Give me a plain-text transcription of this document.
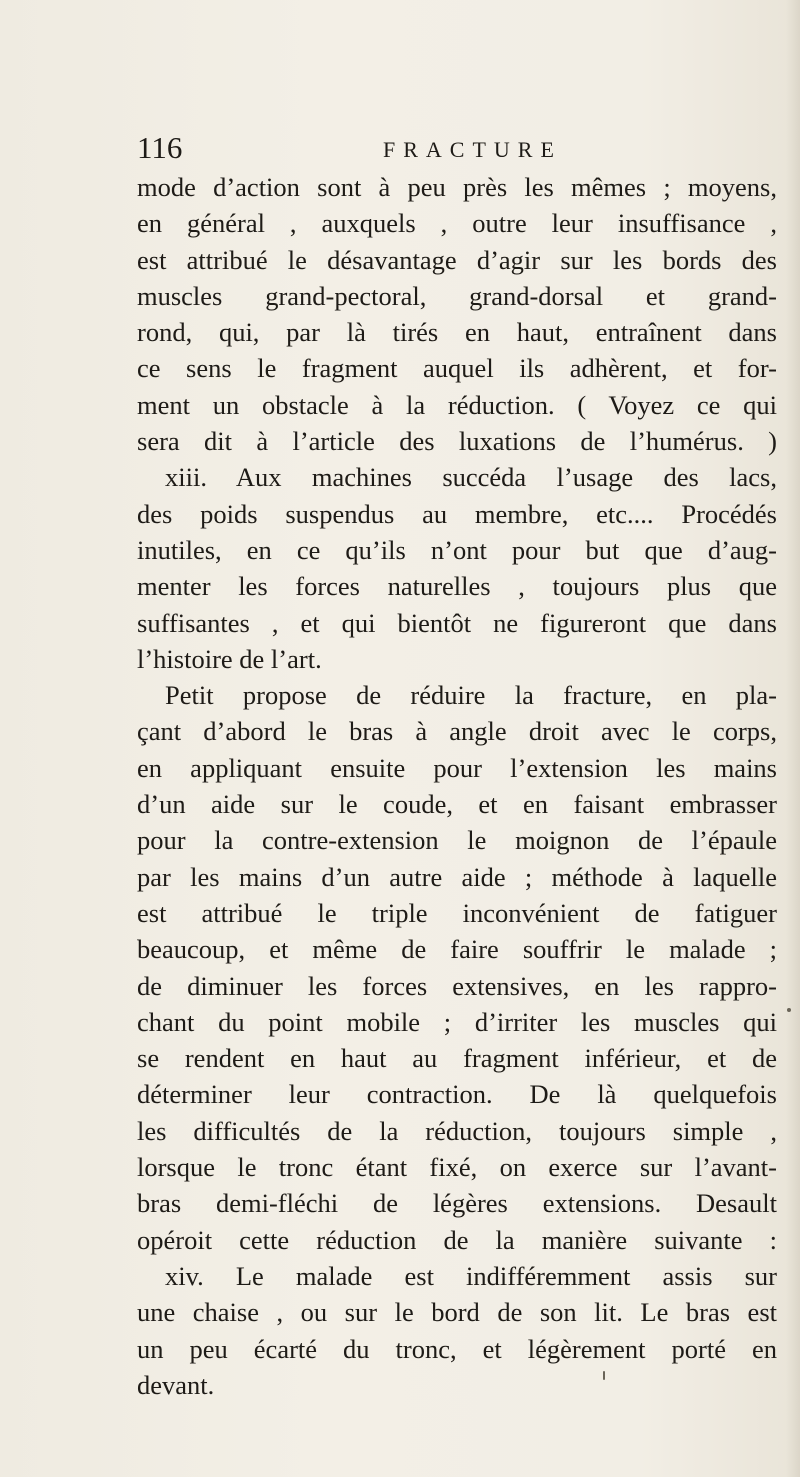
116	FRACTURE
mode d’action sont à peu près les mêmes ; moyens,
en général , auxquels , outre leur insuffisance ,
est attribué le désavantage d’agir sur les bords des
muscles grand-pectoral, grand-dorsal et grand-
rond, qui, par là tirés en haut, entraînent dans
ce sens le fragment auquel ils adhèrent, et for-
ment un obstacle à la réduction. ( Voyez ce qui
sera dit à l’article des luxations de l’humérus. )
xiii. Aux machines succéda l’usage des lacs,
des poids suspendus au membre, etc.... Procédés
inutiles, en ce qu’ils n’ont pour but que d’aug-
menter les forces naturelles , toujours plus que
suffisantes , et qui bientôt ne figureront que dans
l’histoire de l’art.
Petit propose de réduire la fracture, en pla-
çant d’abord le bras à angle droit avec le corps,
en appliquant ensuite pour l’extension les mains
d’un aide sur le coude, et en faisant embrasser
pour la contre-extension le moignon de l’épaule
par les mains d’un autre aide ; méthode à laquelle
est attribué le triple inconvénient de fatiguer
beaucoup, et même de faire souffrir le malade ;
de diminuer les forces extensives, en les rappro-
chant du point mobile ; d’irriter les muscles qui
se rendent en haut au fragment inférieur, et de
déterminer leur contraction. De là quelquefois
les difficultés de la réduction, toujours simple ,
lorsque le tronc étant fixé, on exerce sur l’avant-
bras demi-fléchi de légères extensions. Desault
opéroit cette réduction de la manière suivante :
xiv. Le malade est indifféremment assis sur
une chaise , ou sur le bord de son lit. Le bras est
un peu écarté du tronc, et légèrement porté en
devant.
